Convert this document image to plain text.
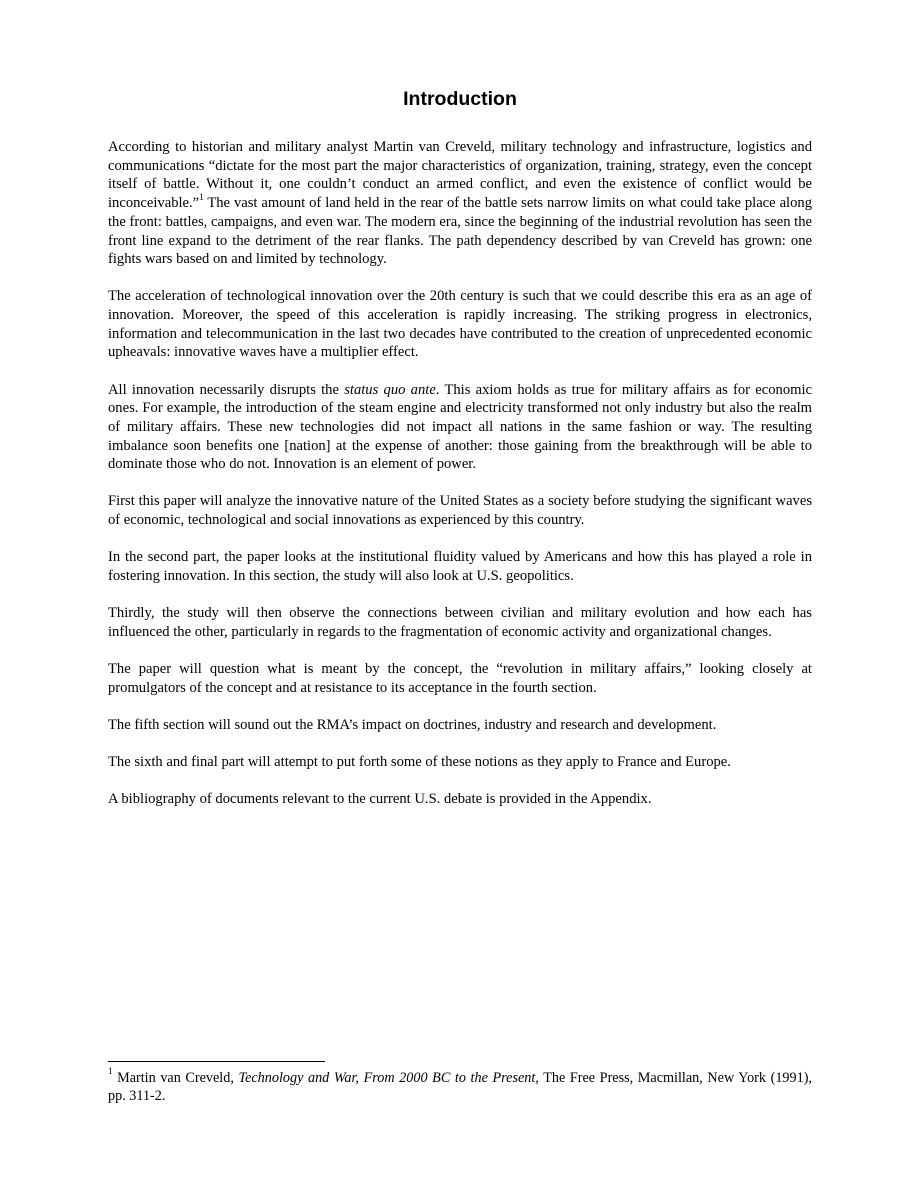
Introduction

According to historian and military analyst Martin van Creveld, military technology and infrastructure, logistics and communications “dictate for the most part the major characteristics of organization, training, strategy, even the concept itself of battle. Without it, one couldn’t conduct an armed conflict, and even the existence of conflict would be inconceivable.”$^1$ The vast amount of land held in the rear of the battle sets narrow limits on what could take place along the front: battles, campaigns, and even war. The modern era, since the beginning of the industrial revolution has seen the front line expand to the detriment of the rear flanks. The path dependency described by van Creveld has grown: one fights wars based on and limited by technology.

The acceleration of technological innovation over the 20th century is such that we could describe this era as an age of innovation. Moreover, the speed of this acceleration is rapidly increasing. The striking progress in electronics, information and telecommunication in the last two decades have contributed to the creation of unprecedented economic upheavals: innovative waves have a multiplier effect.

All innovation necessarily disrupts the status quo ante. This axiom holds as true for military affairs as for economic ones. For example, the introduction of the steam engine and electricity transformed not only industry but also the realm of military affairs. These new technologies did not impact all nations in the same fashion or way. The resulting imbalance soon benefits one [nation] at the expense of another: those gaining from the breakthrough will be able to dominate those who do not. Innovation is an element of power.

First this paper will analyze the innovative nature of the United States as a society before studying the significant waves of economic, technological and social innovations as experienced by this country.

In the second part, the paper looks at the institutional fluidity valued by Americans and how this has played a role in fostering innovation. In this section, the study will also look at U.S. geopolitics.

Thirdly, the study will then observe the connections between civilian and military evolution and how each has influenced the other, particularly in regards to the fragmentation of economic activity and organizational changes.

The paper will question what is meant by the concept, the “revolution in military affairs,” looking closely at promulgators of the concept and at resistance to its acceptance in the fourth section.

The fifth section will sound out the RMA’s impact on doctrines, industry and research and development.

The sixth and final part will attempt to put forth some of these notions as they apply to France and Europe.

A bibliography of documents relevant to the current U.S. debate is provided in the Appendix.

$^1$ Martin van Creveld, Technology and War, From 2000 BC to the Present, The Free Press, Macmillan, New York (1991), pp. 311-2.
